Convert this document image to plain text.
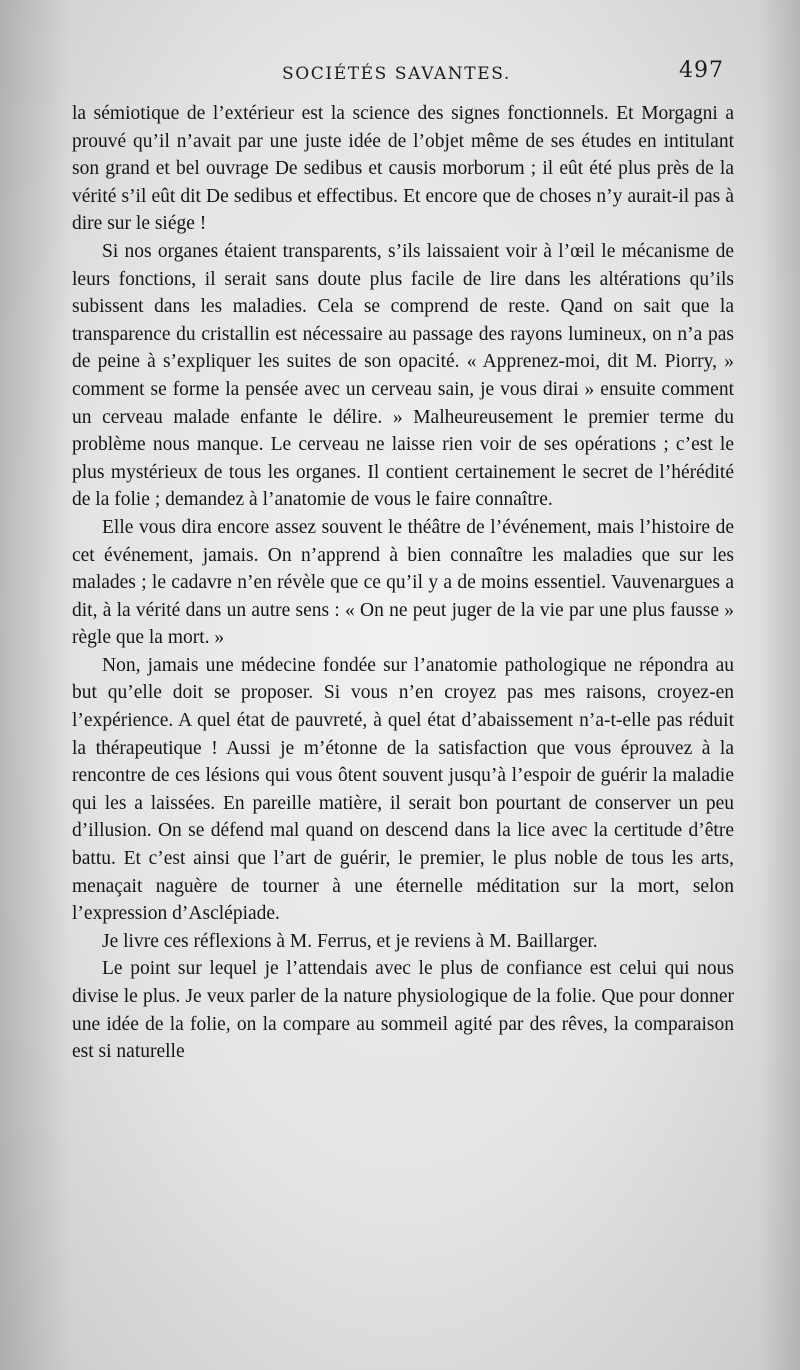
SOCIÉTÉS SAVANTES.	497

la sémiotique de l’extérieur est la science des signes fonctionnels. Et Morgagni a prouvé qu’il n’avait par une juste idée de l’objet même de ses études en intitulant son grand et bel ouvrage De sedibus et causis morborum ; il eût été plus près de la vérité s’il eût dit De sedibus et effectibus. Et encore que de choses n’y aurait-il pas à dire sur le siége !

Si nos organes étaient transparents, s’ils laissaient voir à l’œil le mécanisme de leurs fonctions, il serait sans doute plus facile de lire dans les altérations qu’ils subissent dans les maladies. Cela se comprend de reste. Qand on sait que la transparence du cristallin est nécessaire au passage des rayons lumineux, on n’a pas de peine à s’expliquer les suites de son opacité. « Apprenez-moi, dit M. Piorry, » comment se forme la pensée avec un cerveau sain, je vous dirai » ensuite comment un cerveau malade enfante le délire. » Malheureusement le premier terme du problème nous manque. Le cerveau ne laisse rien voir de ses opérations ; c’est le plus mystérieux de tous les organes. Il contient certainement le secret de l’hérédité de la folie ; demandez à l’anatomie de vous le faire connaître.

Elle vous dira encore assez souvent le théâtre de l’événement, mais l’histoire de cet événement, jamais. On n’apprend à bien connaître les maladies que sur les malades ; le cadavre n’en révèle que ce qu’il y a de moins essentiel. Vauvenargues a dit, à la vérité dans un autre sens : « On ne peut juger de la vie par une plus fausse » règle que la mort. »

Non, jamais une médecine fondée sur l’anatomie pathologique ne répondra au but qu’elle doit se proposer. Si vous n’en croyez pas mes raisons, croyez-en l’expérience. A quel état de pauvreté, à quel état d’abaissement n’a-t-elle pas réduit la thérapeutique ! Aussi je m’étonne de la satisfaction que vous éprouvez à la rencontre de ces lésions qui vous ôtent souvent jusqu’à l’espoir de guérir la maladie qui les a laissées. En pareille matière, il serait bon pourtant de conserver un peu d’illusion. On se défend mal quand on descend dans la lice avec la certitude d’être battu. Et c’est ainsi que l’art de guérir, le premier, le plus noble de tous les arts, menaçait naguère de tourner à une éternelle méditation sur la mort, selon l’expression d’Asclépiade.

Je livre ces réflexions à M. Ferrus, et je reviens à M. Baillarger.

Le point sur lequel je l’attendais avec le plus de confiance est celui qui nous divise le plus. Je veux parler de la nature physiologique de la folie. Que pour donner une idée de la folie, on la compare au sommeil agité par des rêves, la comparaison est si naturelle
